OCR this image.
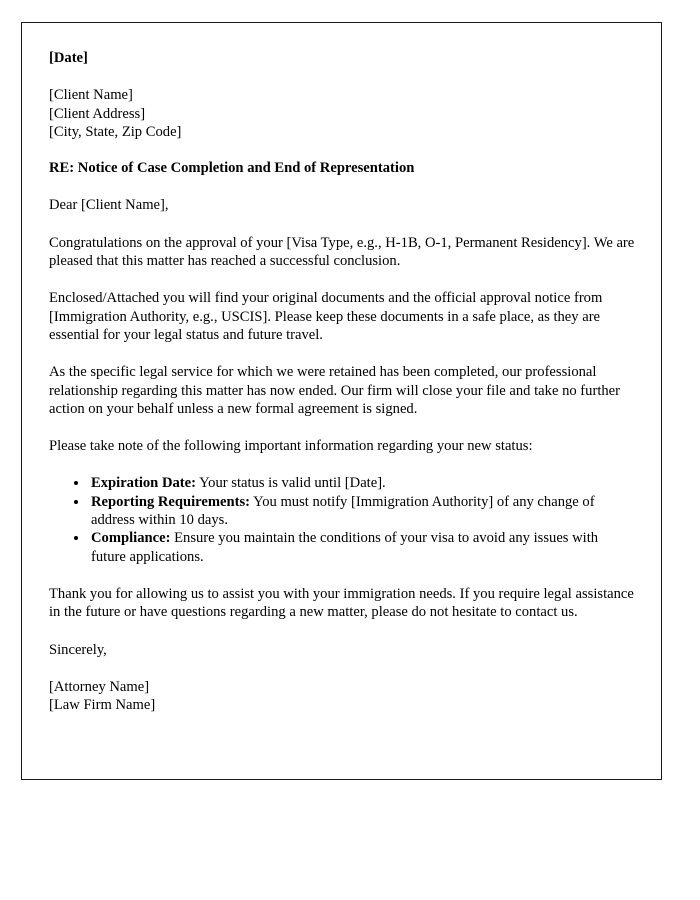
[Date]
[Client Name]
[Client Address]
[City, State, Zip Code]
RE: Notice of Case Completion and End of Representation
Dear [Client Name],

Congratulations on the approval of your [Visa Type, e.g., H-1B, O-1, Permanent Residency]. We are pleased that this matter has reached a successful conclusion.

Enclosed/Attached you will find your original documents and the official approval notice from [Immigration Authority, e.g., USCIS]. Please keep these documents in a safe place, as they are essential for your legal status and future travel.

As the specific legal service for which we were retained has been completed, our professional relationship regarding this matter has now ended. Our firm will close your file and take no further action on your behalf unless a new formal agreement is signed.

Please take note of the following important information regarding your new status:

• Expiration Date: Your status is valid until [Date].
• Reporting Requirements: You must notify [Immigration Authority] of any change of address within 10 days.
• Compliance: Ensure you maintain the conditions of your visa to avoid any issues with future applications.

Thank you for allowing us to assist you with your immigration needs. If you require legal assistance in the future or have questions regarding a new matter, please do not hesitate to contact us.

Sincerely,
[Attorney Name]
[Law Firm Name]
